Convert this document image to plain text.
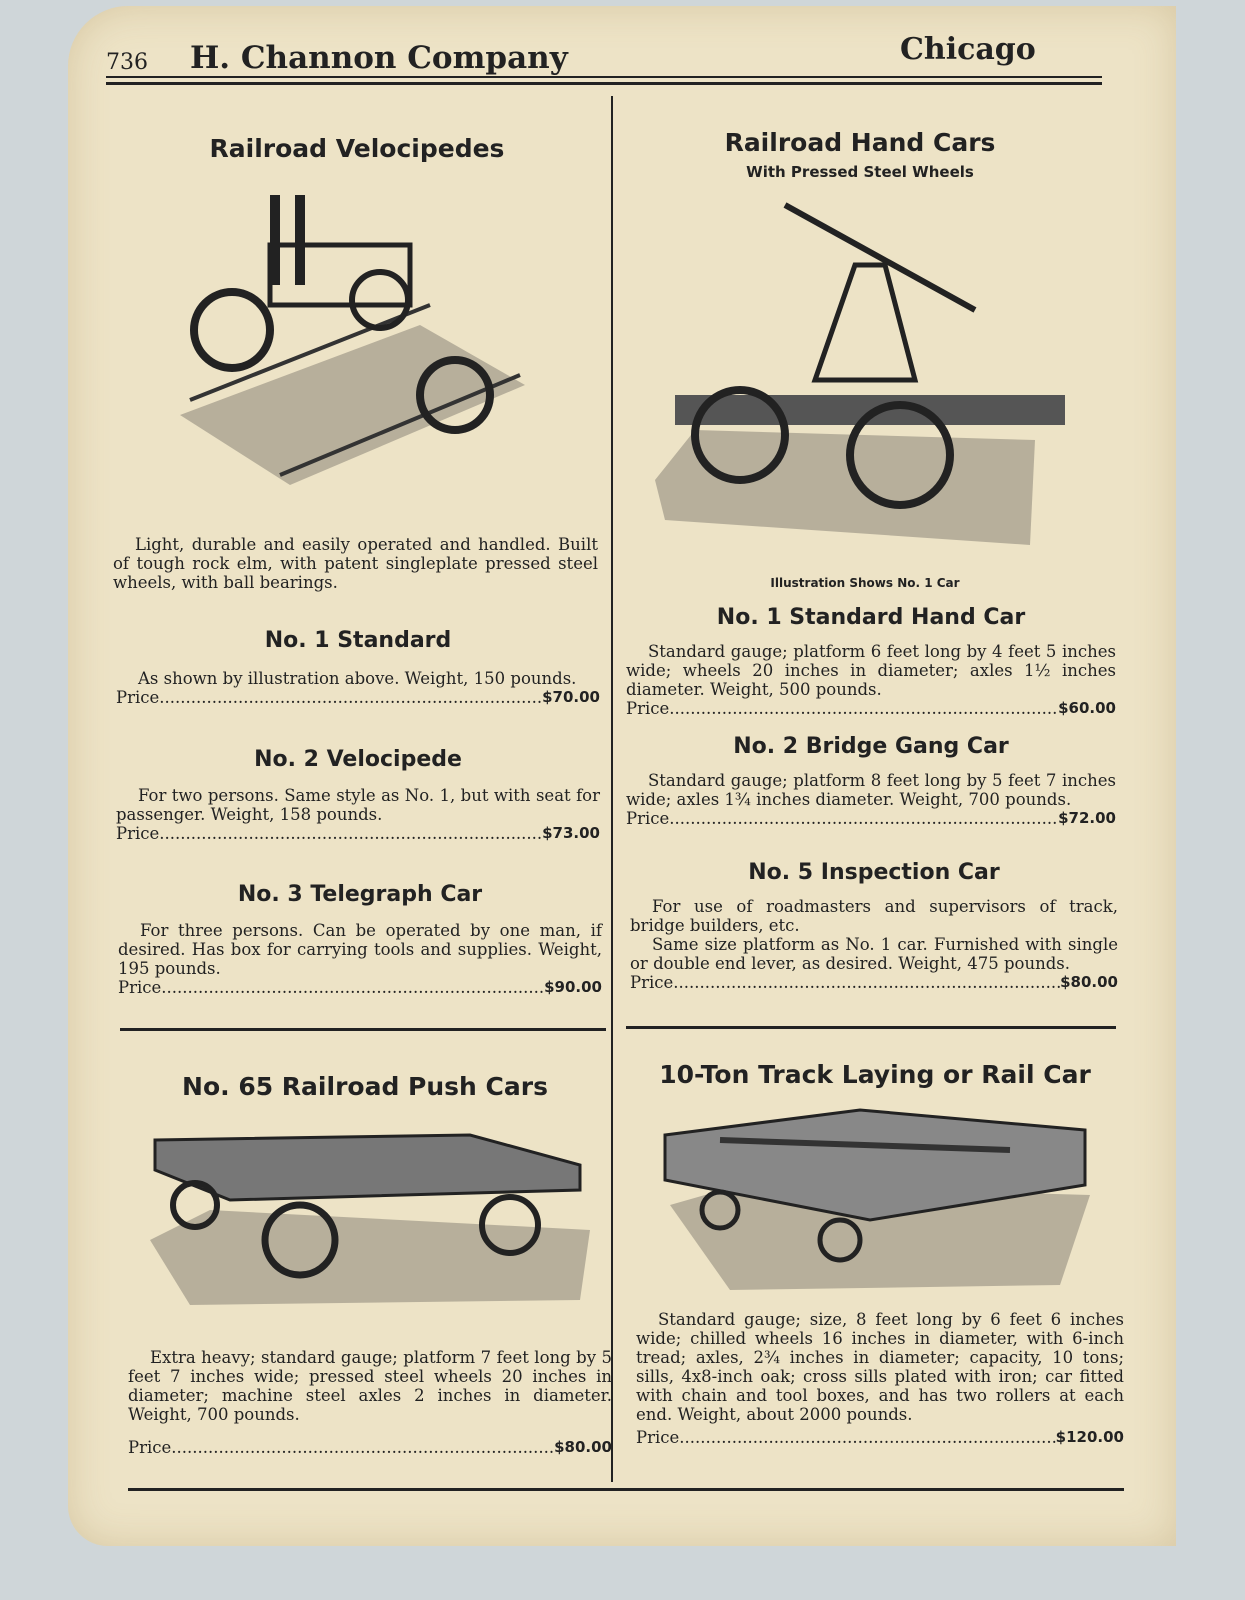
736 H. Channon Company	Chicago
Railroad Velocipedes

Light, durable and easily operated and handled. Built of tough rock elm, with patent singleplate pressed steel wheels, with ball bearings.

No. 1 Standard

As shown by illustration above. Weight, 150 pounds.

Price .....	$70.00
No. 2 Velocipede

For two persons. Same style as No. 1, but with seat for passenger. Weight, 158 pounds.

Price .....	$73.00
No. 3 Telegraph Car

For three persons. Can be operated by one man, if desired. Has box for carrying tools and supplies. Weight, 195 pounds.

Price .....	$90.00
Railroad Hand Cars
With Pressed Steel Wheels
Illustration Shows No. 1 Car
No. 1 Standard Hand Car

Standard gauge; platform 6 feet long by 4 feet 5 inches wide; wheels 20 inches in diameter; axles 1½ inches diameter. Weight, 500 pounds.

Price .....	$60.00
No. 2 Bridge Gang Car

Standard gauge; platform 8 feet long by 5 feet 7 inches wide; axles 1¾ inches diameter. Weight, 700 pounds.

Price .....	$72.00
No. 5 Inspection Car

For use of roadmasters and supervisors of track, bridge builders, etc.

Same size platform as No. 1 car. Furnished with single or double end lever, as desired. Weight, 475 pounds.

Price .....	$80.00
No. 65 Railroad Push Cars

Extra heavy; standard gauge; platform 7 feet long by 5 feet 7 inches wide; pressed steel wheels 20 inches in diameter; machine steel axles 2 inches in diameter. Weight, 700 pounds.

Price .....	$80.00
10-Ton Track Laying or Rail Car

Standard gauge; size, 8 feet long by 6 feet 6 inches wide; chilled wheels 16 inches in diameter, with 6-inch tread; axles, 2¾ inches in diameter; capacity, 10 tons; sills, 4x8-inch oak; cross sills plated with iron; car fitted with chain and tool boxes, and has two rollers at each end. Weight, about 2000 pounds.

Price .....	$120.00
